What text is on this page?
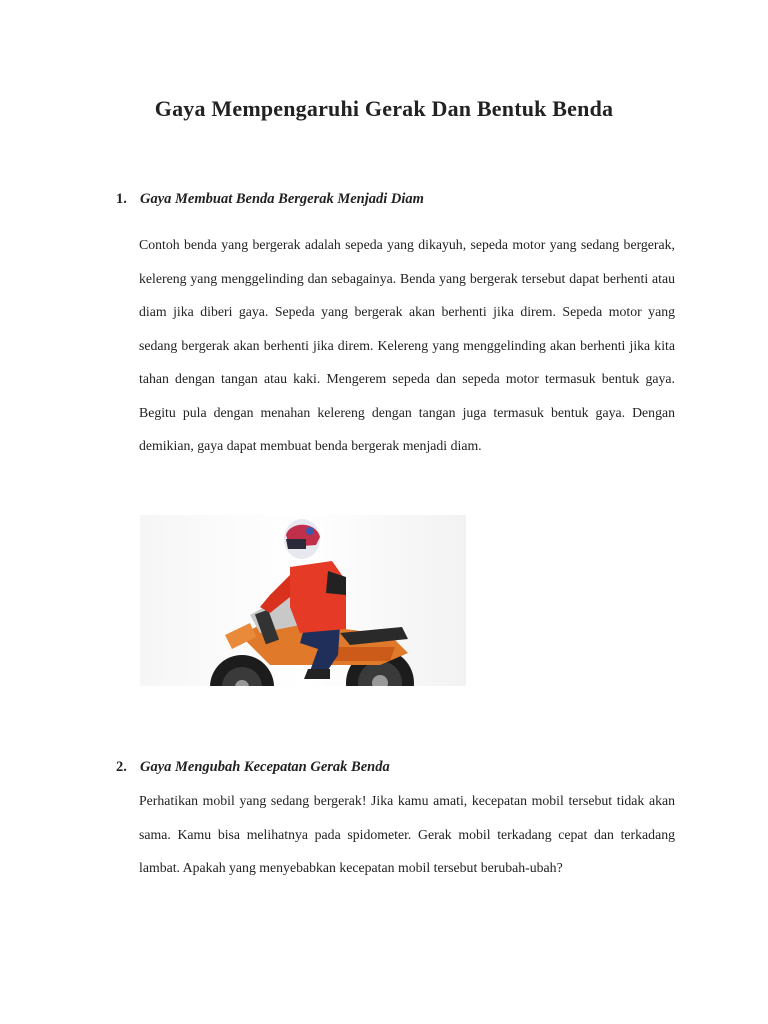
Gaya Mempengaruhi Gerak Dan Bentuk Benda

1. Gaya Membuat Benda Bergerak Menjadi Diam

Contoh benda yang bergerak adalah sepeda yang dikayuh, sepeda motor yang sedang bergerak, kelereng yang menggelinding dan sebagainya. Benda yang bergerak tersebut dapat berhenti atau diam jika diberi gaya. Sepeda yang bergerak akan berhenti jika direm. Sepeda motor yang sedang bergerak akan berhenti jika direm. Kelereng yang menggelinding akan berhenti jika kita tahan dengan tangan atau kaki. Mengerem sepeda dan sepeda motor termasuk bentuk gaya. Begitu pula dengan menahan kelereng dengan tangan juga termasuk bentuk gaya. Dengan demikian, gaya dapat membuat benda bergerak menjadi diam.

2. Gaya Mengubah Kecepatan Gerak Benda

Perhatikan mobil yang sedang bergerak! Jika kamu amati, kecepatan mobil tersebut tidak akan sama. Kamu bisa melihatnya pada spidometer. Gerak mobil terkadang cepat dan terkadang lambat. Apakah yang menyebabkan kecepatan mobil tersebut berubah-ubah?
